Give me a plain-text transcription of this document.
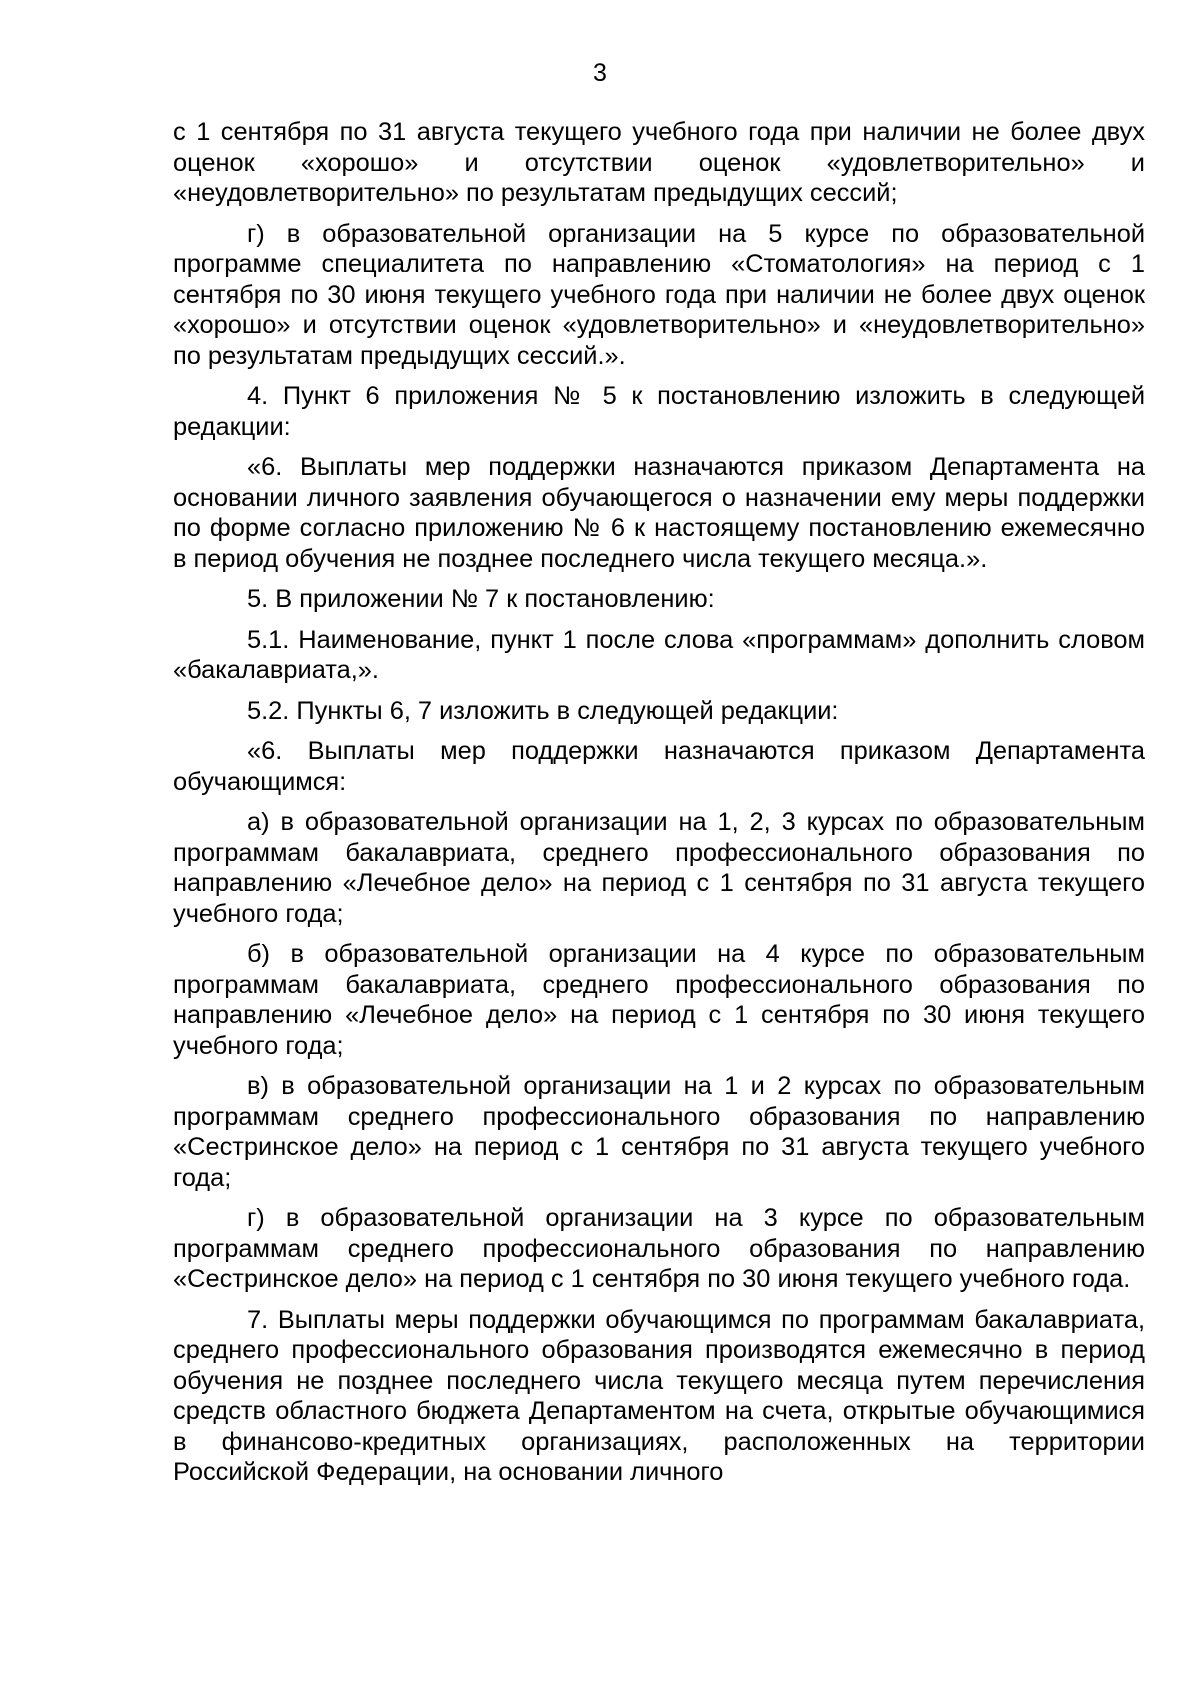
3

с 1 сентября по 31 августа текущего учебного года при наличии не более двух оценок «хорошо» и отсутствии оценок «удовлетворительно» и «неудовлетворительно» по результатам предыдущих сессий;

г) в образовательной организации на 5 курсе по образовательной программе специалитета по направлению «Стоматология» на период с 1 сентября по 30 июня текущего учебного года при наличии не более двух оценок «хорошо» и отсутствии оценок «удовлетворительно» и «неудовлетворительно» по результатам предыдущих сессий.».

4. Пункт 6 приложения № 5 к постановлению изложить в следующей редакции:

«6. Выплаты мер поддержки назначаются приказом Департамента на основании личного заявления обучающегося о назначении ему меры поддержки по форме согласно приложению № 6 к настоящему постановлению ежемесячно в период обучения не позднее последнего числа текущего месяца.».

5. В приложении № 7 к постановлению:

5.1. Наименование, пункт 1 после слова «программам» дополнить словом «бакалавриата,».

5.2. Пункты 6, 7 изложить в следующей редакции:

«6. Выплаты мер поддержки назначаются приказом Департамента обучающимся:

а) в образовательной организации на 1, 2, 3 курсах по образовательным программам бакалавриата, среднего профессионального образования по направлению «Лечебное дело» на период с 1 сентября по 31 августа текущего учебного года;

б) в образовательной организации на 4 курсе по образовательным программам бакалавриата, среднего профессионального образования по направлению «Лечебное дело» на период с 1 сентября по 30 июня текущего учебного года;

в) в образовательной организации на 1 и 2 курсах по образовательным программам среднего профессионального образования по направлению «Сестринское дело» на период с 1 сентября по 31 августа текущего учебного года;

г) в образовательной организации на 3 курсе по образовательным программам среднего профессионального образования по направлению «Сестринское дело» на период с 1 сентября по 30 июня текущего учебного года.

7. Выплаты меры поддержки обучающимся по программам бакалавриата, среднего профессионального образования производятся ежемесячно в период обучения не позднее последнего числа текущего месяца путем перечисления средств областного бюджета Департаментом на счета, открытые обучающимися в финансово-кредитных организациях, расположенных на территории Российской Федерации, на основании личного
